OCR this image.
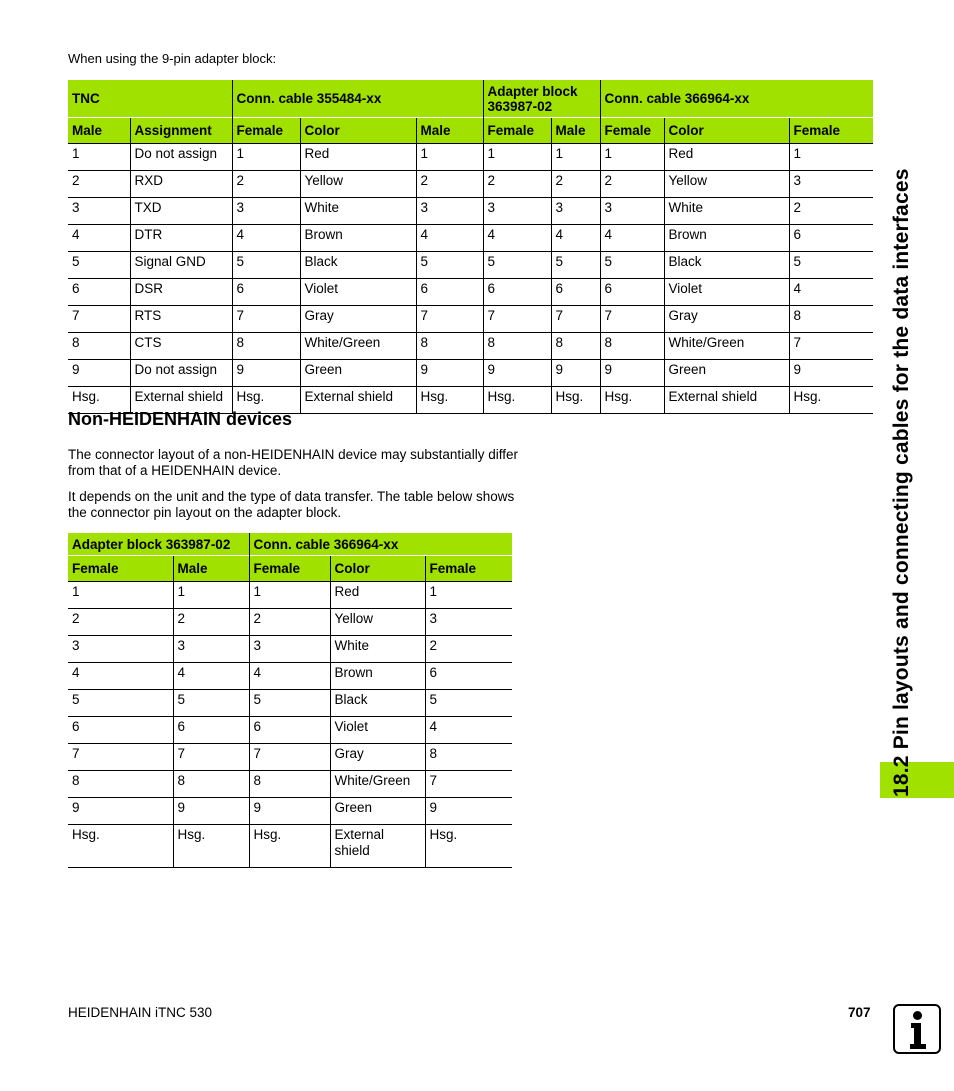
When using the 9-pin adapter block:
TNC		Conn. cable 355484-xx			Adapter block 363987-02		Conn. cable 366964-xx		
Male	Assignment	Female	Color	Male	Female	Male	Female	Color	Female
1	Do not assign	1	Red	1	1	1	1	Red	1
2	RXD	2	Yellow	2	2	2	2	Yellow	3
3	TXD	3	White	3	3	3	3	White	2
4	DTR	4	Brown	4	4	4	4	Brown	6
5	Signal GND	5	Black	5	5	5	5	Black	5
6	DSR	6	Violet	6	6	6	6	Violet	4
7	RTS	7	Gray	7	7	7	7	Gray	8
8	CTS	8	White/Green	8	8	8	8	White/Green	7
9	Do not assign	9	Green	9	9	9	9	Green	9
Hsg.	External shield	Hsg.	External shield	Hsg.	Hsg.	Hsg.	Hsg.	External shield	Hsg.
Non-HEIDENHAIN devices
The connector layout of a non-HEIDENHAIN device may substantially differ from that of a HEIDENHAIN device.
It depends on the unit and the type of data transfer. The table below shows the connector pin layout on the adapter block.
Adapter block 363987-02		Conn. cable 366964-xx		
Female	Male	Female	Color	Female
1	1	1	Red	1
2	2	2	Yellow	3
3	3	3	White	2
4	4	4	Brown	6
5	5	5	Black	5
6	6	6	Violet	4
7	7	7	Gray	8
8	8	8	White/Green	7
9	9	9	Green	9
Hsg.	Hsg.	Hsg.	External shield	Hsg.
18.2 Pin layouts and connecting cables for the data interfaces
HEIDENHAIN iTNC 530	707
